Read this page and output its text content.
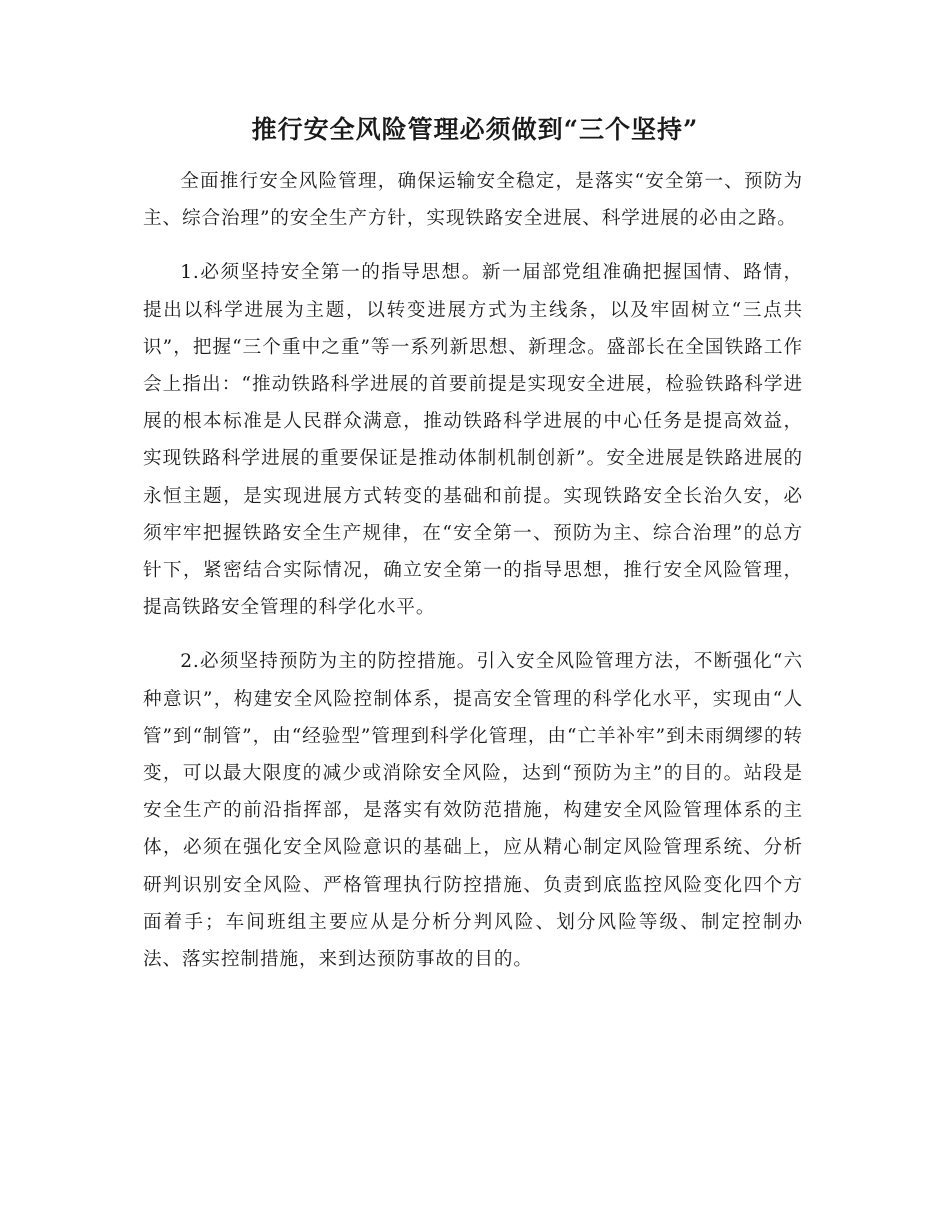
推行安全风险管理必须做到“三个坚持”

全面推行安全风险管理，确保运输安全稳定，是落实“安全第一、预防为主、综合治理”的安全生产方针，实现铁路安全进展、科学进展的必由之路。

1.必须坚持安全第一的指导思想。新一届部党组准确把握国情、路情，提出以科学进展为主题，以转变进展方式为主线条，以及牢固树立“三点共识”，把握“三个重中之重”等一系列新思想、新理念。盛部长在全国铁路工作会上指出：“推动铁路科学进展的首要前提是实现安全进展，检验铁路科学进展的根本标准是人民群众满意，推动铁路科学进展的中心任务是提高效益，实现铁路科学进展的重要保证是推动体制机制创新”。安全进展是铁路进展的永恒主题，是实现进展方式转变的基础和前提。实现铁路安全长治久安，必须牢牢把握铁路安全生产规律，在“安全第一、预防为主、综合治理”的总方针下，紧密结合实际情况，确立安全第一的指导思想，推行安全风险管理，提高铁路安全管理的科学化水平。

2.必须坚持预防为主的防控措施。引入安全风险管理方法，不断强化“六种意识”，构建安全风险控制体系，提高安全管理的科学化水平，实现由“人管”到“制管”，由“经验型”管理到科学化管理，由“亡羊补牢”到未雨绸缪的转变，可以最大限度的减少或消除安全风险，达到“预防为主”的目的。站段是安全生产的前沿指挥部，是落实有效防范措施，构建安全风险管理体系的主体，必须在强化安全风险意识的基础上，应从精心制定风险管理系统、分析研判识别安全风险、严格管理执行防控措施、负责到底监控风险变化四个方面着手；车间班组主要应从是分析分判风险、划分风险等级、制定控制办法、落实控制措施，来到达预防事故的目的。
